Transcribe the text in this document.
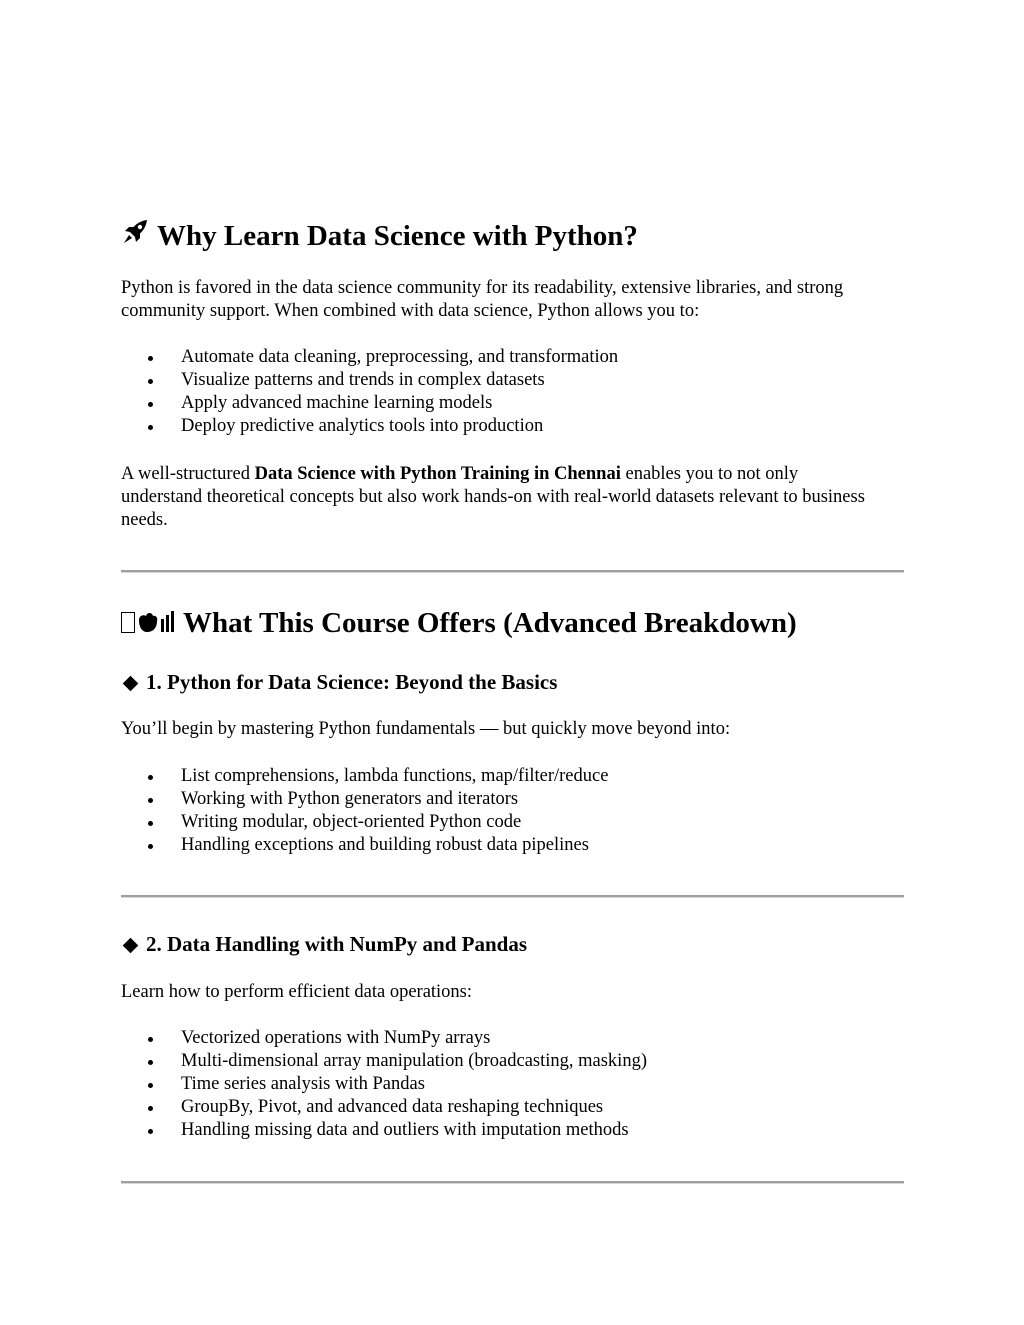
Why Learn Data Science with Python?

Python is favored in the data science community for its readability, extensive libraries, and strong community support. When combined with data science, Python allows you to:

Automate data cleaning, preprocessing, and transformation
Visualize patterns and trends in complex datasets
Apply advanced machine learning models
Deploy predictive analytics tools into production

A well-structured Data Science with Python Training in Chennai enables you to not only understand theoretical concepts but also work hands-on with real-world datasets relevant to business needs.

What This Course Offers (Advanced Breakdown)
1. Python for Data Science: Beyond the Basics

You’ll begin by mastering Python fundamentals — but quickly move beyond into:

List comprehensions, lambda functions, map/filter/reduce
Working with Python generators and iterators
Writing modular, object-oriented Python code
Handling exceptions and building robust data pipelines
2. Data Handling with NumPy and Pandas

Learn how to perform efficient data operations:

Vectorized operations with NumPy arrays
Multi-dimensional array manipulation (broadcasting, masking)
Time series analysis with Pandas
GroupBy, Pivot, and advanced data reshaping techniques
Handling missing data and outliers with imputation methods
